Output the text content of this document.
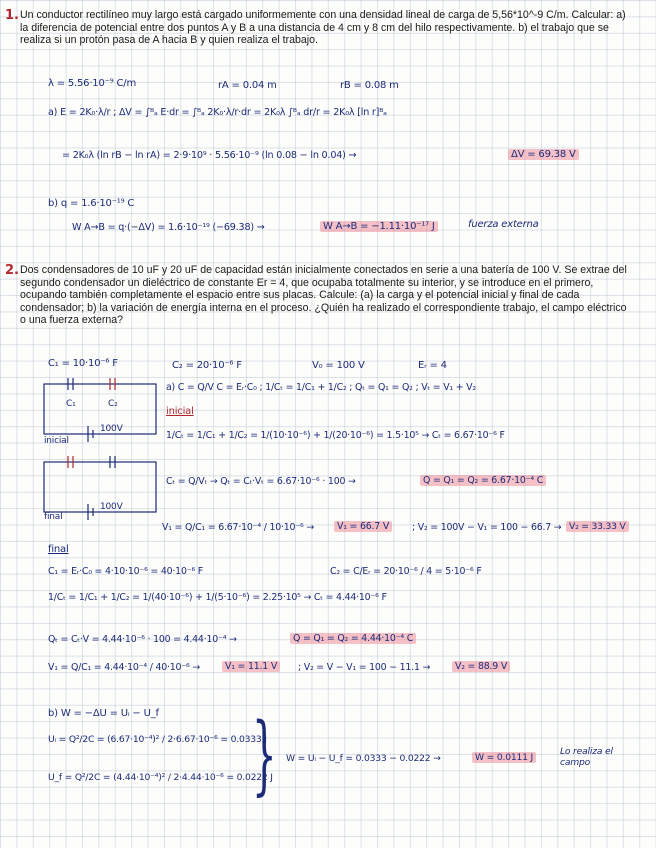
1. Un conductor rectilíneo muy largo está cargado uniformemente con una densidad lineal de carga de 5,56*10^-9 C/m. Calcular: a) la diferencia de potencial entre dos puntos A y B a una distancia de 4 cm y 8 cm del hilo respectivamente. b) el trabajo que se realiza si un protón pasa de A hacia B y quien realiza el trabajo.
λ = 5.56·10⁻⁹ C/m	rA = 0.04 m	rB = 0.08 m
a) E = 2K₀·λ/r ; ΔV = ∫ᴮₐ E·dr = ∫ᴮₐ 2K₀·λ/r·dr = 2K₀λ ∫ᴮₐ dr/r = 2K₀λ [ln r]ᴮₐ
= 2K₀λ (ln rB − ln rA) = 2·9·10⁹ · 5.56·10⁻⁹ (ln 0.08 − ln 0.04) →	ΔV = 69.38 V
b) q = 1.6·10⁻¹⁹ C
W A→B = q·(−ΔV) = 1.6·10⁻¹⁹ (−69.38) →	W A→B = −1.11·10⁻¹⁷ J	fuerza externa
2. Dos condensadores de 10 uF y 20 uF de capacidad están inicialmente conectados en serie a una batería de 100 V. Se extrae del segundo condensador un dieléctrico de constante Er = 4, que ocupaba totalmente su interior, y se introduce en el primero, ocupando también completamente el espacio entre sus placas. Calcule: (a) la carga y el potencial inicial y final de cada condensador; b) la variación de energía interna en el proceso. ¿Quién ha realizado el correspondiente trabajo, el campo eléctrico o una fuerza externa?
C₁ = 10·10⁻⁶ F	C₂ = 20·10⁻⁶ F	V₀ = 100 V	Eᵣ = 4
C₁	C₂
100V
inicial
100V
final
a) C = Q/V C = Eᵣ·C₀ ; 1/Cₜ = 1/C₁ + 1/C₂ ; Qₜ = Q₁ = Q₂ ; Vₜ = V₁ + V₂
inicial
1/Cₜ = 1/C₁ + 1/C₂ = 1/(10·10⁻⁶) + 1/(20·10⁻⁶) = 1.5·10⁵ → Cₜ = 6.67·10⁻⁶ F
Cₜ = Q/Vₜ → Qₜ = Cₜ·Vₜ = 6.67·10⁻⁶ · 100 →	Q = Q₁ = Q₂ = 6.67·10⁻⁴ C
V₁ = Q/C₁ = 6.67·10⁻⁴ / 10·10⁻⁶ →	V₁ = 66.7 V	; V₂ = 100V − V₁ = 100 − 66.7 → V₂ = 33.33 V
final
C₁ = Eᵣ·C₀ = 4·10·10⁻⁶ = 40·10⁻⁶ F	C₂ = C/Eᵣ = 20·10⁻⁶ / 4 = 5·10⁻⁶ F
1/Cₜ = 1/C₁ + 1/C₂ = 1/(40·10⁻⁶) + 1/(5·10⁻⁶) = 2.25·10⁵ → Cₜ = 4.44·10⁻⁶ F
Qₜ = Cₜ·V = 4.44·10⁻⁶ · 100 = 4.44·10⁻⁴ →	Q = Q₁ = Q₂ = 4.44·10⁻⁴ C
V₁ = Q/C₁ = 4.44·10⁻⁴ / 40·10⁻⁶ →	V₁ = 11.1 V	; V₂ = V − V₁ = 100 − 11.1 →	V₂ = 88.9 V
b) W = −ΔU = Uᵢ − U_f
Uᵢ = Q²/2C = (6.67·10⁻⁴)² / 2·6.67·10⁻⁶ = 0.0333 J
U_f = Q²/2C = (4.44·10⁻⁴)² / 2·4.44·10⁻⁶ = 0.0222 J
} W = Uᵢ − U_f = 0.0333 − 0.0222 →	W = 0.0111 J
Lo realiza el campo
